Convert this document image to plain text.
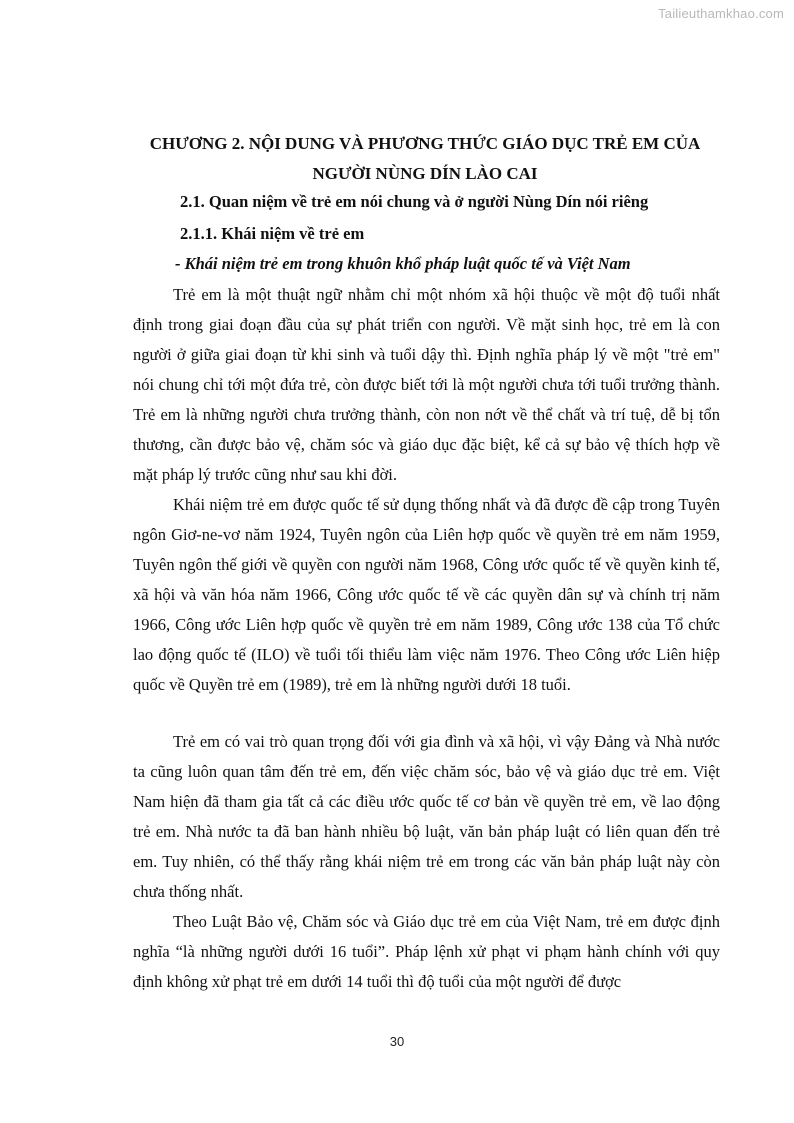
Tailieuthamkhao.com
CHƯƠNG 2. NỘI DUNG VÀ PHƯƠNG THỨC GIÁO DỤC TRẺ EM CỦA
NGƯỜI NÙNG DÍN LÀO CAI
2.1. Quan niệm về trẻ em nói chung và ở người Nùng Dín nói riêng
2.1.1. Khái niệm về trẻ em
- Khái niệm trẻ em trong khuôn khổ pháp luật quốc tế và Việt Nam

Trẻ em là một thuật ngữ nhằm chỉ một nhóm xã hội thuộc về một độ tuổi nhất định trong giai đoạn đầu của sự phát triển con người. Về mặt sinh học, trẻ em là con người ở giữa giai đoạn từ khi sinh và tuổi dậy thì. Định nghĩa pháp lý về một "trẻ em" nói chung chỉ tới một đứa trẻ, còn được biết tới là một người chưa tới tuổi trưởng thành. Trẻ em là những người chưa trưởng thành, còn non nớt về thể chất và trí tuệ, dễ bị tổn thương, cần được bảo vệ, chăm sóc và giáo dục đặc biệt, kể cả sự bảo vệ thích hợp về mặt pháp lý trước cũng như sau khi đời.

Khái niệm trẻ em được quốc tế sử dụng thống nhất và đã được đề cập trong Tuyên ngôn Giơ-ne-vơ năm 1924, Tuyên ngôn của Liên hợp quốc về quyền trẻ em năm 1959, Tuyên ngôn thế giới về quyền con người năm 1968, Công ước quốc tế về quyền kinh tế, xã hội và văn hóa năm 1966, Công ước quốc tế về các quyền dân sự và chính trị năm 1966, Công ước Liên hợp quốc về quyền trẻ em năm 1989, Công ước 138 của Tổ chức lao động quốc tế (ILO) về tuổi tối thiểu làm việc năm 1976. Theo Công ước Liên hiệp quốc về Quyền trẻ em (1989), trẻ em là những người dưới 18 tuổi.

Trẻ em có vai trò quan trọng đối với gia đình và xã hội, vì vậy Đảng và Nhà nước ta cũng luôn quan tâm đến trẻ em, đến việc chăm sóc, bảo vệ và giáo dục trẻ em. Việt Nam hiện đã tham gia tất cả các điều ước quốc tế cơ bản về quyền trẻ em, về lao động trẻ em. Nhà nước ta đã ban hành nhiều bộ luật, văn bản pháp luật có liên quan đến trẻ em. Tuy nhiên, có thể thấy rằng khái niệm trẻ em trong các văn bản pháp luật này còn chưa thống nhất.

Theo Luật Bảo vệ, Chăm sóc và Giáo dục trẻ em của Việt Nam, trẻ em được định nghĩa “là những người dưới 16 tuổi”. Pháp lệnh xử phạt vi phạm hành chính với quy định không xử phạt trẻ em dưới 14 tuổi thì độ tuổi của một người để được

30
